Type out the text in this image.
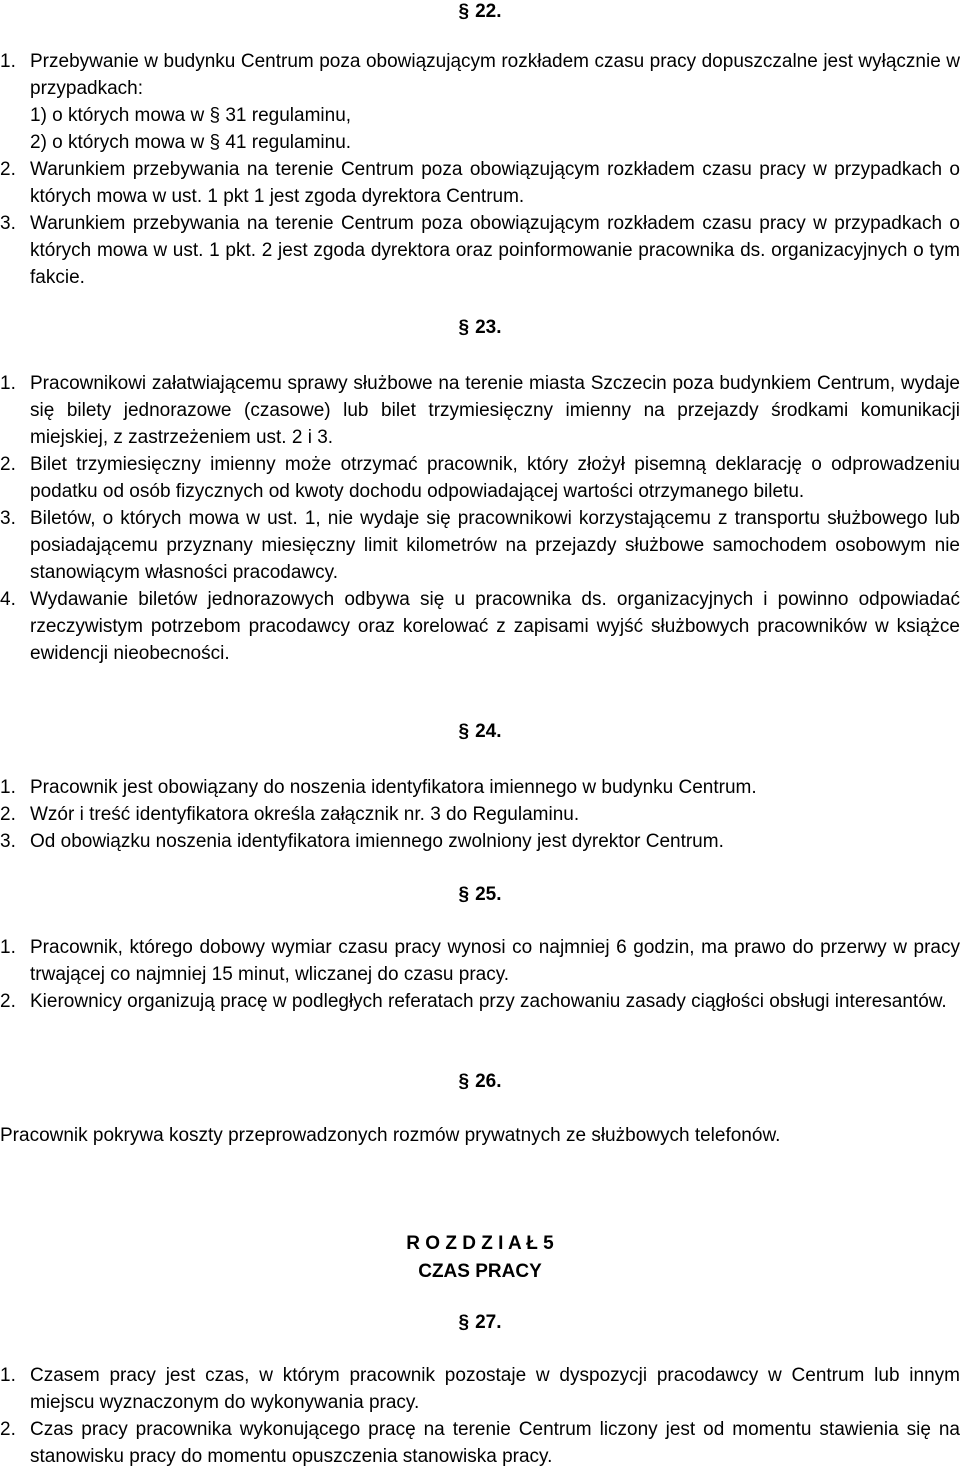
§ 22.
1. Przebywanie w budynku Centrum poza obowiązującym rozkładem czasu pracy dopuszczalne jest wyłącznie w przypadkach:
1) o których mowa w § 31 regulaminu,
2) o których mowa w § 41 regulaminu.
2. Warunkiem przebywania na terenie Centrum poza obowiązującym rozkładem czasu pracy w przypadkach o których mowa w ust. 1 pkt 1 jest zgoda dyrektora Centrum.
3. Warunkiem przebywania na terenie Centrum poza obowiązującym rozkładem czasu pracy w przypadkach o których mowa w ust. 1 pkt. 2 jest zgoda dyrektora oraz poinformowanie pracownika ds. organizacyjnych o tym fakcie.
§ 23.
1. Pracownikowi załatwiającemu sprawy służbowe na terenie miasta Szczecin poza budynkiem Centrum, wydaje się bilety jednorazowe (czasowe) lub bilet trzymiesięczny imienny na przejazdy środkami komunikacji miejskiej, z zastrzeżeniem ust. 2 i 3.
2. Bilet trzymiesięczny imienny może otrzymać pracownik, który złożył pisemną deklarację o odprowadzeniu podatku od osób fizycznych od kwoty dochodu odpowiadającej wartości otrzymanego biletu.
3. Biletów, o których mowa w ust. 1, nie wydaje się pracownikowi korzystającemu z transportu służbowego lub posiadającemu przyznany miesięczny limit kilometrów na przejazdy służbowe samochodem osobowym nie stanowiącym własności pracodawcy.
4. Wydawanie biletów jednorazowych odbywa się u pracownika ds. organizacyjnych i powinno odpowiadać rzeczywistym potrzebom pracodawcy oraz korelować z zapisami wyjść służbowych pracowników w książce ewidencji nieobecności.
§ 24.
1. Pracownik jest obowiązany do noszenia identyfikatora imiennego w budynku Centrum.
2. Wzór i treść identyfikatora określa załącznik nr. 3 do Regulaminu.
3. Od obowiązku noszenia identyfikatora imiennego zwolniony jest dyrektor Centrum.
§ 25.
1. Pracownik, którego dobowy wymiar czasu pracy wynosi co najmniej 6 godzin, ma prawo do przerwy w pracy trwającej co najmniej 15 minut, wliczanej do czasu pracy.
2. Kierownicy organizują pracę w podległych referatach przy zachowaniu zasady ciągłości obsługi interesantów.
§ 26.
Pracownik pokrywa koszty przeprowadzonych rozmów prywatnych ze służbowych telefonów.
R O Z D Z I A Ł 5
CZAS PRACY
§ 27.
1. Czasem pracy jest czas, w którym pracownik pozostaje w dyspozycji pracodawcy w Centrum lub innym miejscu wyznaczonym do wykonywania pracy.
2. Czas pracy pracownika wykonującego pracę na terenie Centrum liczony jest od momentu stawienia się na stanowisku pracy do momentu opuszczenia stanowiska pracy.
